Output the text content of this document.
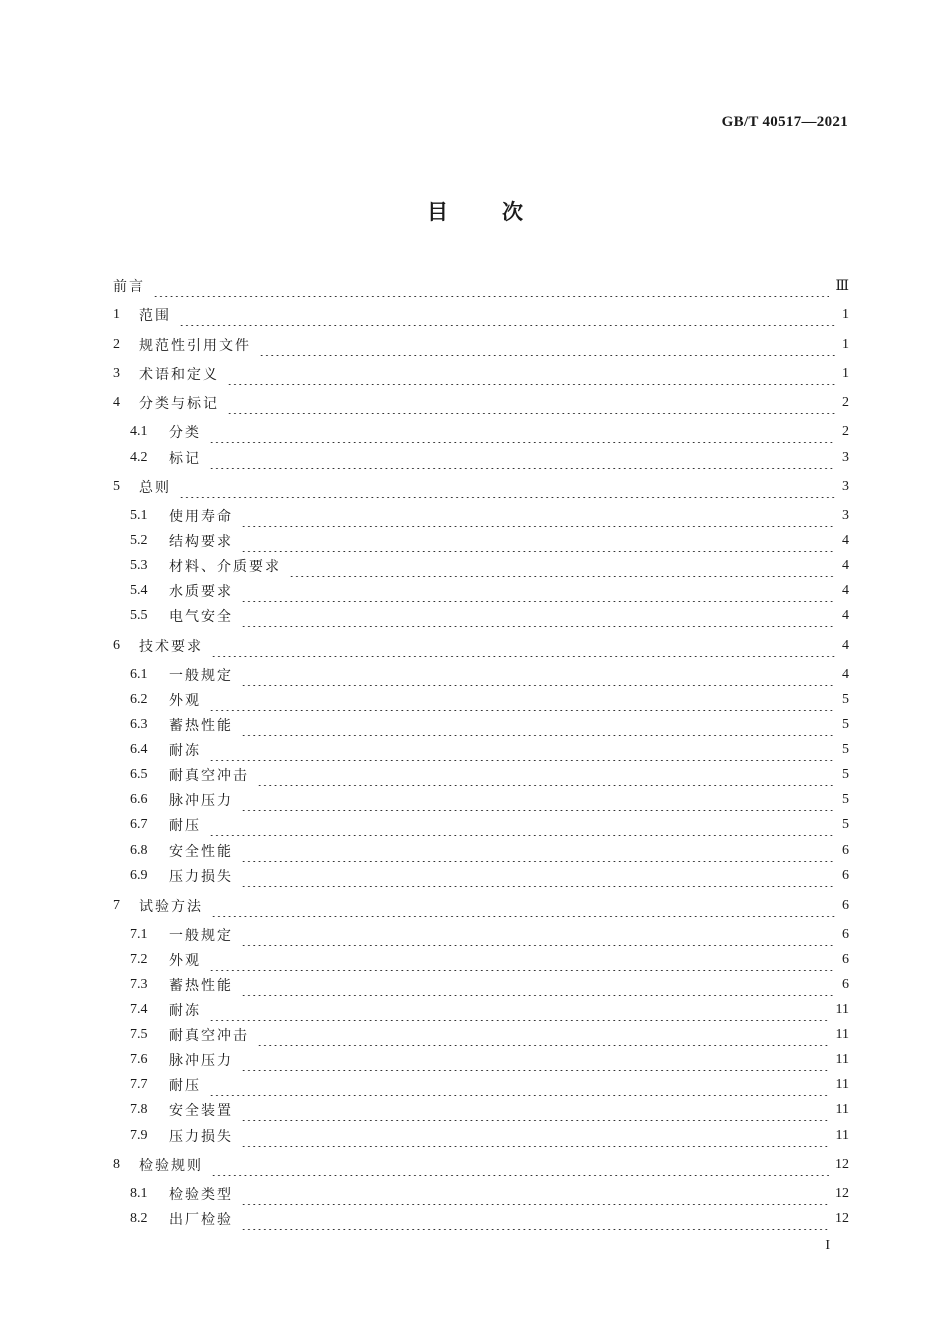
GB/T 40517—2021
目次
前言	Ⅲ
1	范围	1
2	规范性引用文件	1
3	术语和定义	1
4	分类与标记	2
4.1	分类	2
4.2	标记	3
5	总则	3
5.1	使用寿命	3
5.2	结构要求	4
5.3	材料、介质要求	4
5.4	水质要求	4
5.5	电气安全	4
6	技术要求	4
6.1	一般规定	4
6.2	外观	5
6.3	蓄热性能	5
6.4	耐冻	5
6.5	耐真空冲击	5
6.6	脉冲压力	5
6.7	耐压	5
6.8	安全性能	6
6.9	压力损失	6
7	试验方法	6
7.1	一般规定	6
7.2	外观	6
7.3	蓄热性能	6
7.4	耐冻	11
7.5	耐真空冲击	11
7.6	脉冲压力	11
7.7	耐压	11
7.8	安全装置	11
7.9	压力损失	11
8	检验规则	12
8.1	检验类型	12
8.2	出厂检验	12
I
